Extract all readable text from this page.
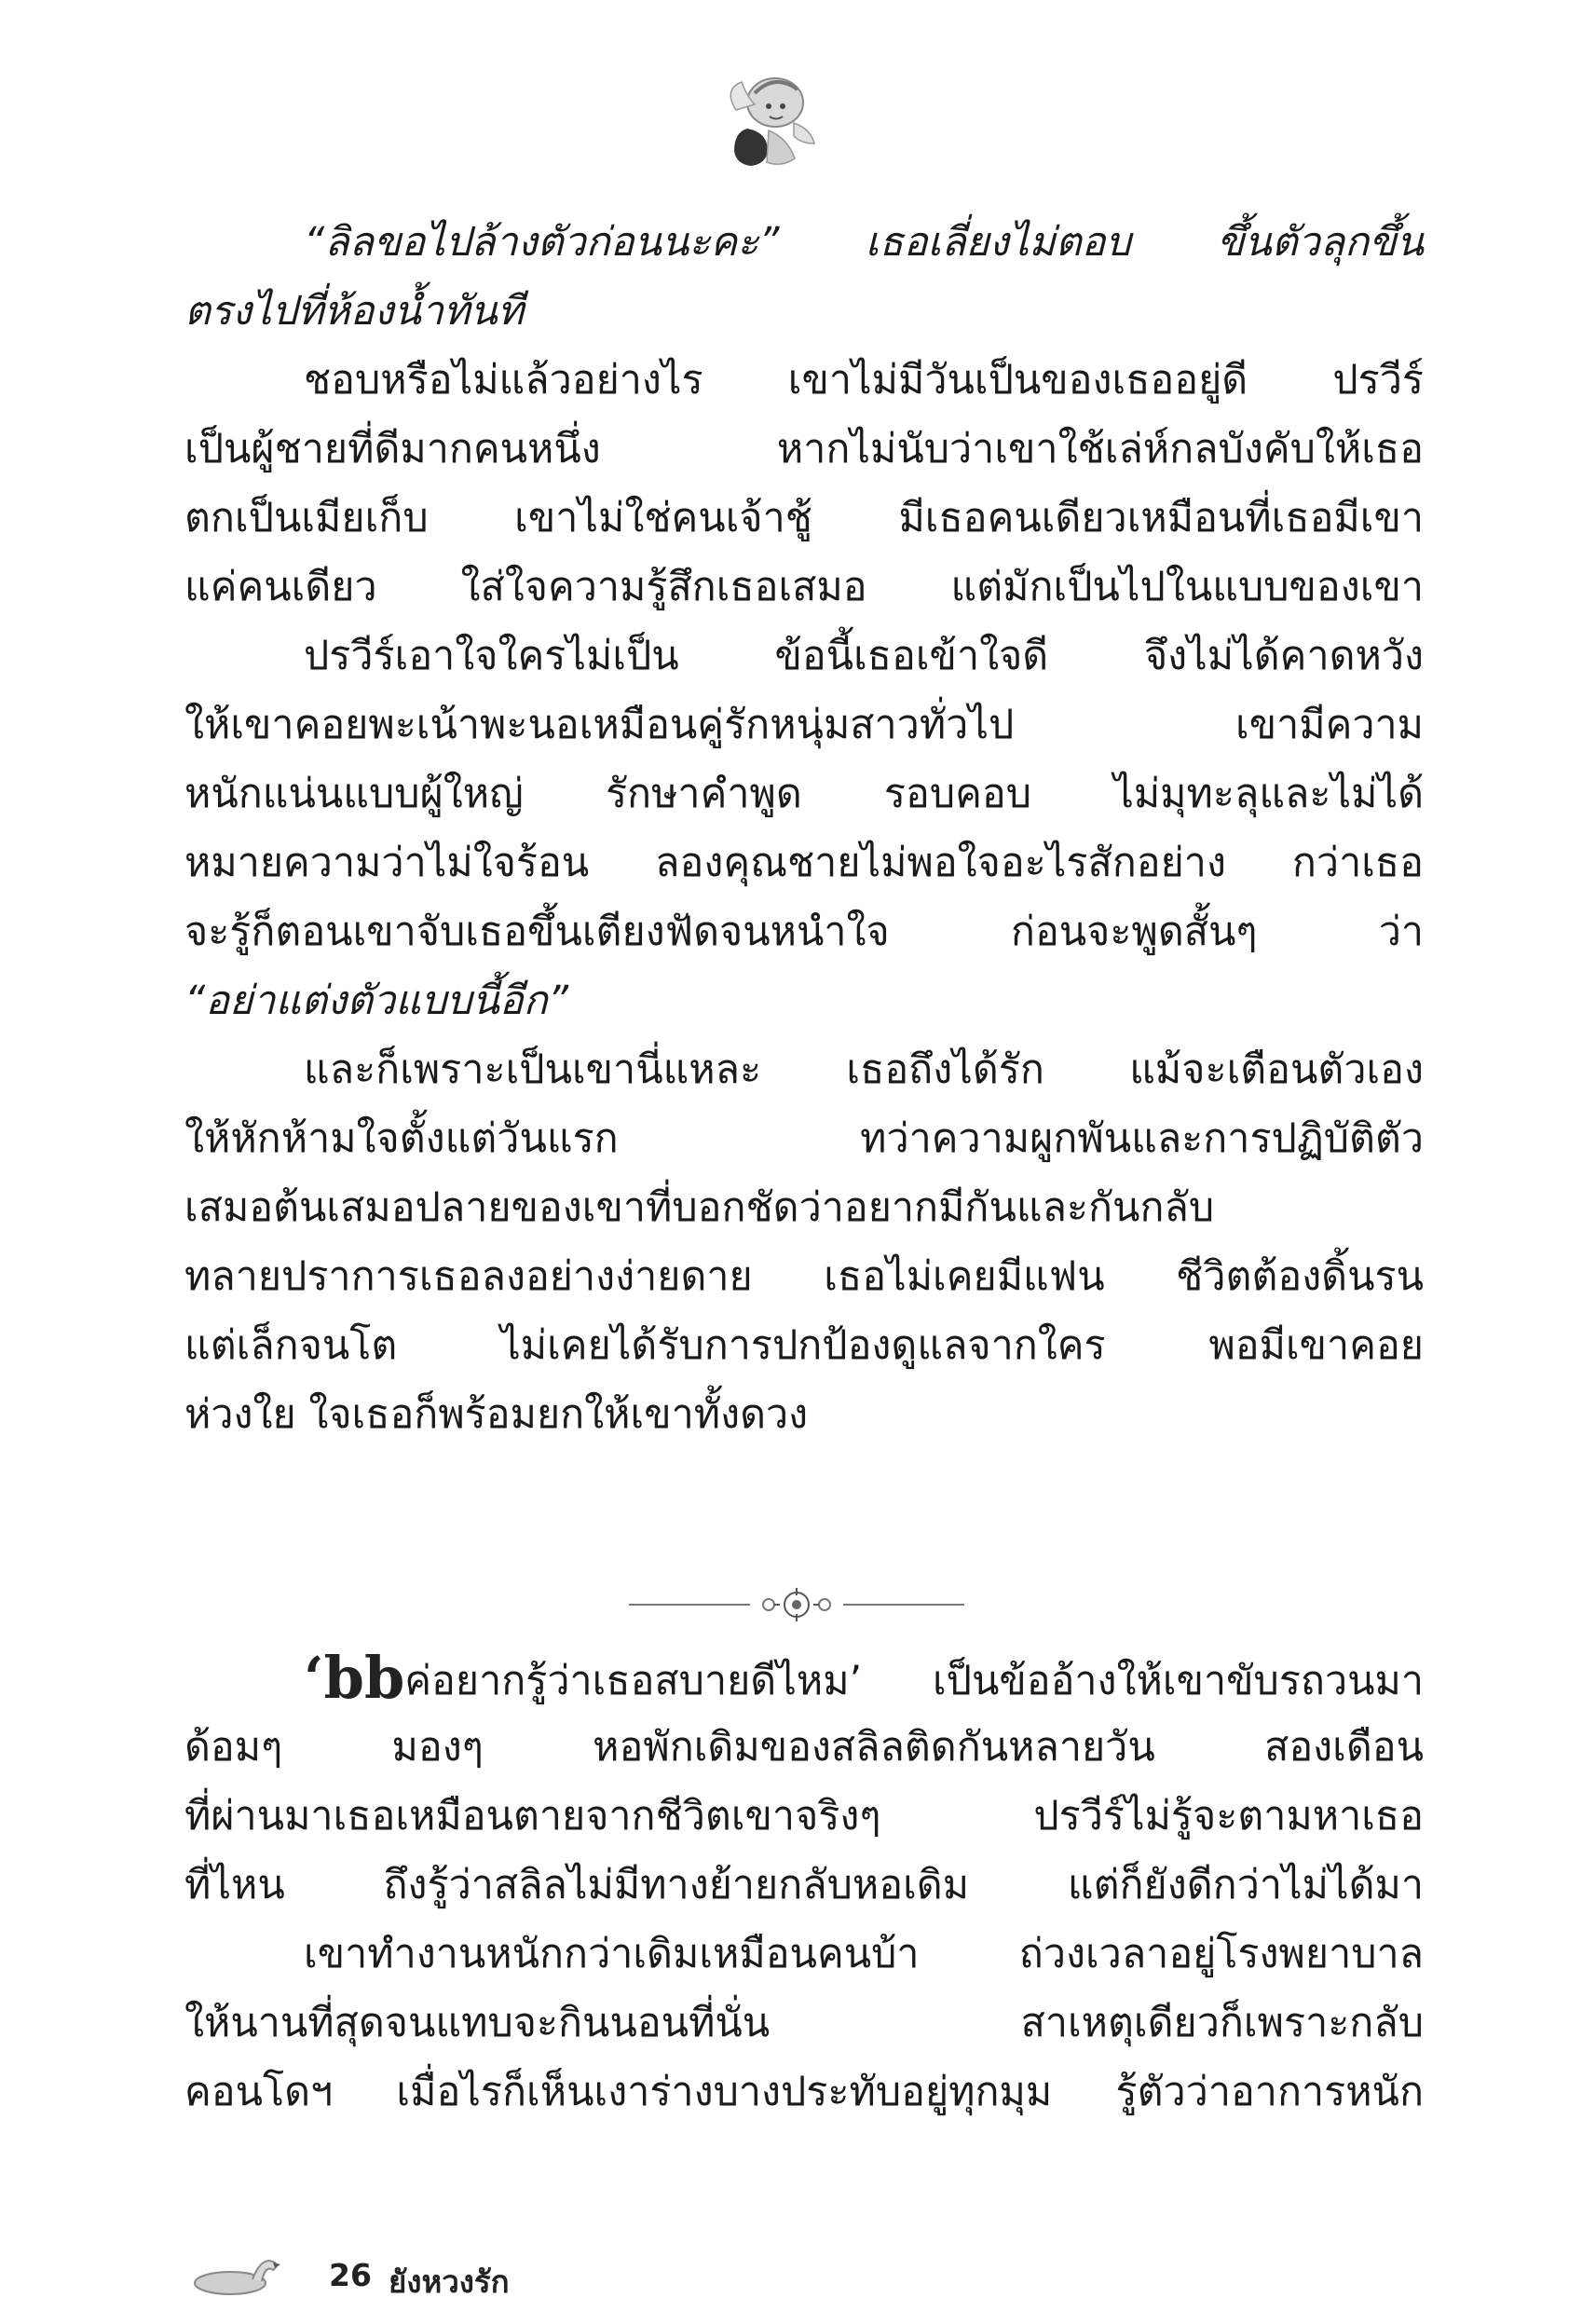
“ลิลขอไปล้างตัวก่อนนะคะ” เธอเลี่ยงไม่ตอบ ขึ้นตัวลุกขึ้น
ตรงไปที่ห้องน้ำทันที
ชอบหรือไม่แล้วอย่างไร เขาไม่มีวันเป็นของเธออยู่ดี ปรวีร์
เป็นผู้ชายที่ดีมากคนหนึ่ง หากไม่นับว่าเขาใช้เล่ห์กลบังคับให้เธอ
ตกเป็นเมียเก็บ เขาไม่ใช่คนเจ้าชู้ มีเธอคนเดียวเหมือนที่เธอมีเขา
แค่คนเดียว ใส่ใจความรู้สึกเธอเสมอ แต่มักเป็นไปในแบบของเขา
ปรวีร์เอาใจใครไม่เป็น ข้อนี้เธอเข้าใจดี จึงไม่ได้คาดหวัง
ให้เขาคอยพะเน้าพะนอเหมือนคู่รักหนุ่มสาวทั่วไป เขามีความ
หนักแน่นแบบผู้ใหญ่ รักษาคำพูด รอบคอบ ไม่มุทะลุและไม่ได้
หมายความว่าไม่ใจร้อน ลองคุณชายไม่พอใจอะไรสักอย่าง กว่าเธอ
จะรู้ก็ตอนเขาจับเธอขึ้นเตียงฟัดจนหนำใจ ก่อนจะพูดสั้นๆ ว่า
“อย่าแต่งตัวแบบนี้อีก”
และก็เพราะเป็นเขานี่แหละ เธอถึงได้รัก แม้จะเตือนตัวเอง
ให้หักห้ามใจตั้งแต่วันแรก ทว่าความผูกพันและการปฏิบัติตัว
เสมอต้นเสมอปลายของเขาที่บอกชัดว่าอยากมีกันและกันกลับ
ทลายปราการเธอลงอย่างง่ายดาย เธอไม่เคยมีแฟน ชีวิตต้องดิ้นรน
แต่เล็กจนโต ไม่เคยได้รับการปกป้องดูแลจากใคร พอมีเขาคอย
ห่วงใย ใจเธอก็พร้อมยกให้เขาทั้งดวง
‘bbค่อยากรู้ว่าเธอสบายดีไหม’ เป็นข้ออ้างให้เขาขับรถวนมา
ด้อมๆ มองๆ หอพักเดิมของสลิลติดกันหลายวัน สองเดือน
ที่ผ่านมาเธอเหมือนตายจากชีวิตเขาจริงๆ ปรวีร์ไม่รู้จะตามหาเธอ
ที่ไหน ถึงรู้ว่าสลิลไม่มีทางย้ายกลับหอเดิม แต่ก็ยังดีกว่าไม่ได้มา
เขาทำงานหนักกว่าเดิมเหมือนคนบ้า ถ่วงเวลาอยู่โรงพยาบาล
ให้นานที่สุดจนแทบจะกินนอนที่นั่น สาเหตุเดียวก็เพราะกลับ
คอนโดฯ เมื่อไรก็เห็นเงาร่างบางประทับอยู่ทุกมุม รู้ตัวว่าอาการหนัก
26 ยังหวงรัก
